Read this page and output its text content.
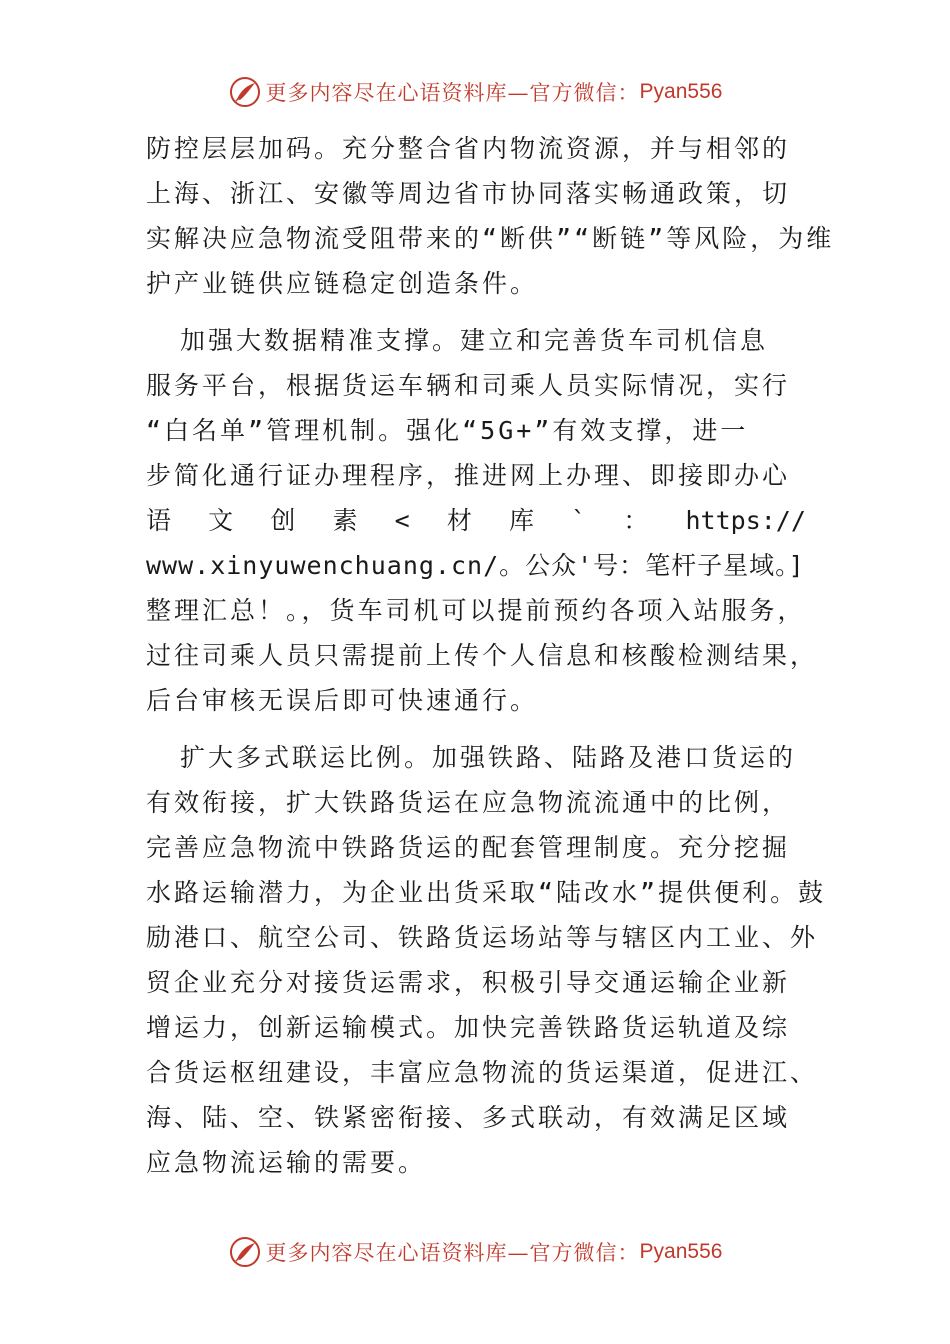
更多内容尽在心语资料库—官方微信： Pyan556
防控层层加码。充分整合省内物流资源，并与相邻的
上海、浙江、安徽等周边省市协同落实畅通政策，切
实解决应急物流受阻带来的“断供”“断链”等风险，为维
护产业链供应链稳定创造条件。
加强大数据精准支撑。建立和完善货车司机信息
服务平台，根据货运车辆和司乘人员实际情况，实行
“白名单”管理机制。强化“5G+”有效支撑，进一
步简化通行证办理程序，推进网上办理、即接即办心
语 文 创 素 < 材 库 ` ： https://
www.xinyuwenchuang.cn/。公众'号：笔杆子星域。]
整理汇总！。，货车司机可以提前预约各项入站服务，
过往司乘人员只需提前上传个人信息和核酸检测结果，
后台审核无误后即可快速通行。
扩大多式联运比例。加强铁路、陆路及港口货运的
有效衔接，扩大铁路货运在应急物流流通中的比例，
完善应急物流中铁路货运的配套管理制度。充分挖掘
水路运输潜力，为企业出货采取“陆改水”提供便利。鼓
励港口、航空公司、铁路货运场站等与辖区内工业、外
贸企业充分对接货运需求，积极引导交通运输企业新
增运力，创新运输模式。加快完善铁路货运轨道及综
合货运枢纽建设，丰富应急物流的货运渠道，促进江、
海、陆、空、铁紧密衔接、多式联动，有效满足区域
应急物流运输的需要。
更多内容尽在心语资料库—官方微信： Pyan556
